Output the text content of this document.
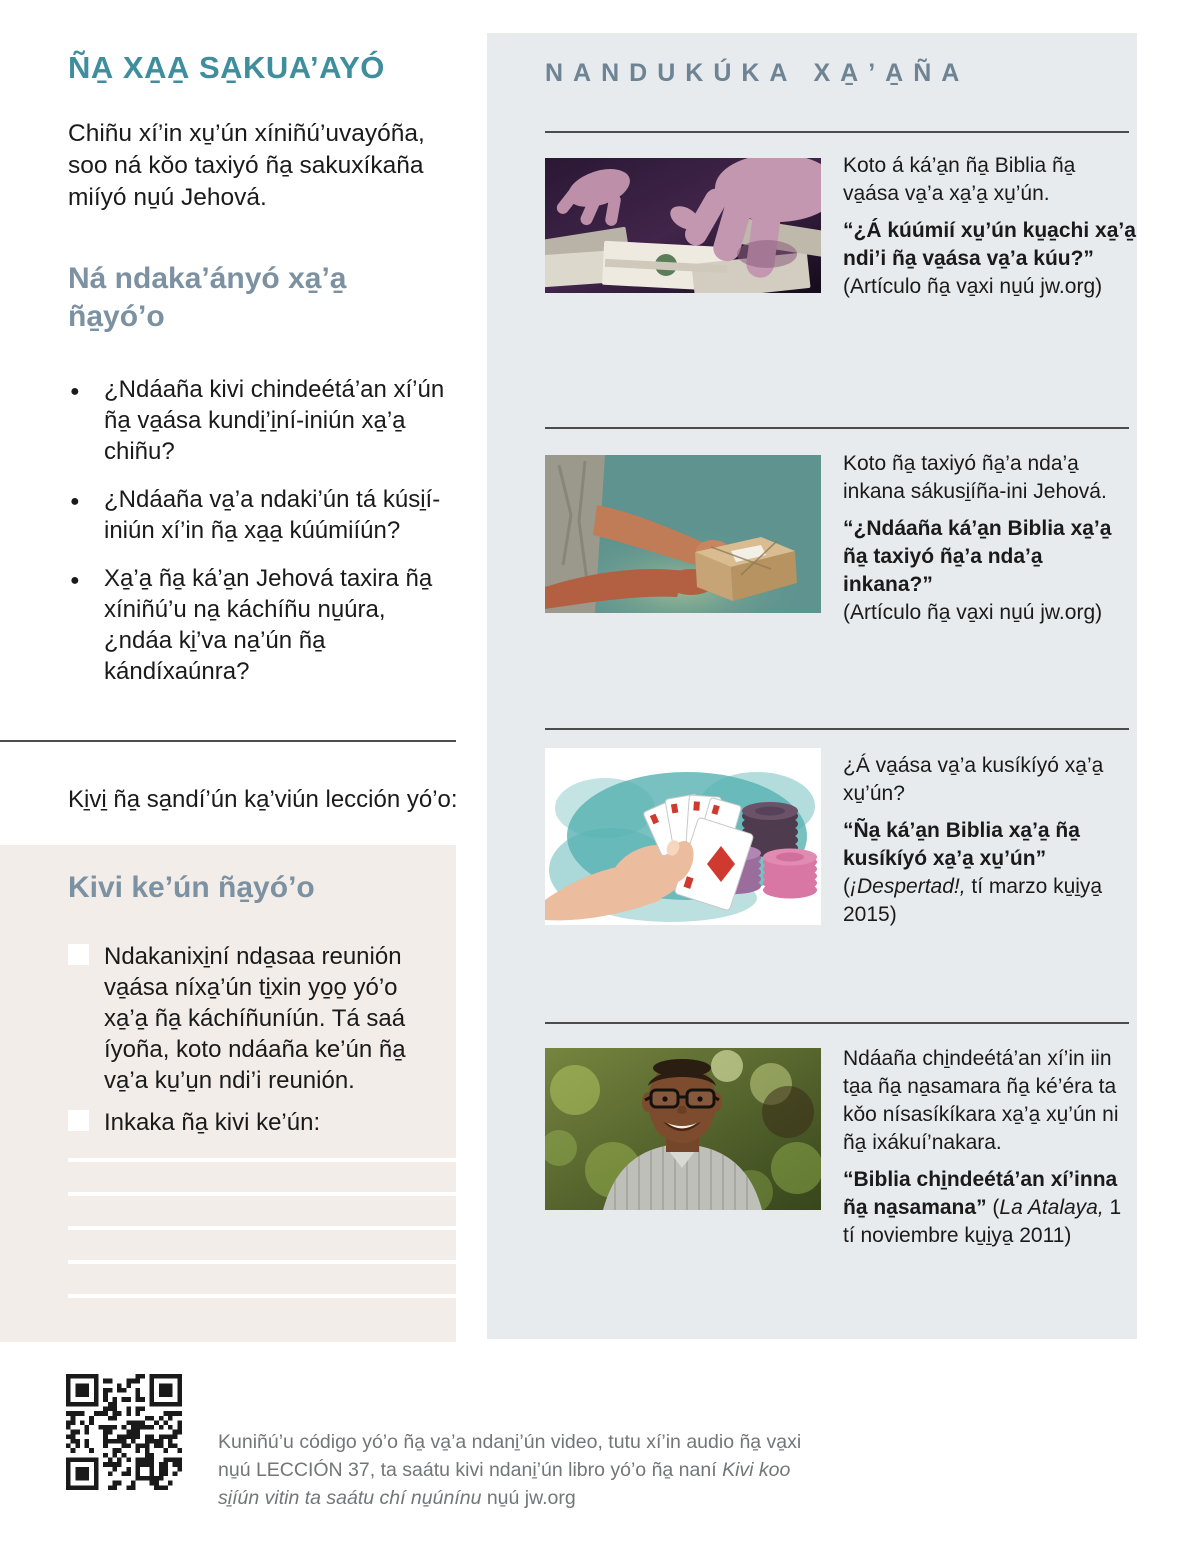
ÑA̱ XA̱A̱ SA̱KUA’AYÓ

Chiñu xí’in xu̱’ún xíniñú’uvayóña, soo ná kǒo taxiyó ña̱ sakuxíkaña miíyó nu̱ú Jehová.

Ná ndaka’ányó xa̱’a̱ ña̱yó’o
● ¿Ndáaña kivi chindeétá’an xí’ún ña̱ va̱ása kundi̱’i̱ní-iniún xa̱’a̱ chiñu?
● ¿Ndáaña va̱’a ndaki’ún tá kúsi̱í-iniún xí’in ña̱ xa̱a̱ kúúmiíún?
● Xa̱’a̱ ña̱ ká’a̱n Jehová taxira ña̱ xíniñú’u na̱ káchíñu nu̱úra, ¿ndáa ki̱’va na̱’ún ña̱ kándíxaúnra?

Ki̱vi̱ ña̱ sa̱ndí’ún ka̱’viún lección yó’o:

Kivi ke’ún ña̱yó’o
Ndakanixi̱ní nda̱saa reunión va̱ása níxa̱’ún ti̱xin yo̱o̱ yó’o xa̱’a̱ ña̱ káchíñuníún. Tá saá íyoña, koto ndáaña ke’ún ña̱ va̱’a ku̱’u̱n ndi’i reunión.
Inkaka ña̱ kivi ke’ún:
NANDUKÚKA XA̱’A̱ÑA

Koto á ká’a̱n ña̱ Biblia ña̱ va̱ása va̱’a xa̱’a̱ xu̱’ún.

“¿Á kúúmií xu̱’ún ku̱a̱chi xa̱’a̱ ndi’i ña̱ va̱ása va̱’a kúu?”

(Artículo ña̱ va̱xi nu̱ú jw.org)

Koto ña̱ taxiyó ña̱’a nda’a̱ inkana sákusi̱íña-ini Jehová.

“¿Ndáaña ká’a̱n Biblia xa̱’a̱ ña̱ taxiyó ña̱’a nda’a̱ inkana?”

(Artículo ña̱ va̱xi nu̱ú jw.org)

¿Á va̱ása va̱’a kusíkíyó xa̱’a̱ xu̱’ún?

“Ña̱ ká’a̱n Biblia xa̱’a̱ ña̱ kusíkíyó xa̱’a̱ xu̱’ún”

(¡Despertad!, tí marzo ku̱i̱ya̱ 2015)

Ndáaña chi̱ndeétá’an xí’in iin ta̱a ña̱ na̱samara ña̱ ké’éra ta kǒo nísasíkíkara xa̱’a̱ xu̱’ún ni ña̱ ixákuí’nakara.

“Biblia chi̱ndeétá’an xí’inna ña̱ na̱samana” (La Atalaya, 1 tí noviembre ku̱i̱ya̱ 2011)

Kuniñú’u código yó’o ña̱ va̱’a ndani̱’ún video, tutu xí’in audio ña̱ va̱xi nu̱ú LECCIÓN 37, ta saátu kivi ndani̱’ún libro yó’o ña̱ naní Kivi koo si̱íún vitin ta saátu chí nu̱únínu nu̱ú jw.org
